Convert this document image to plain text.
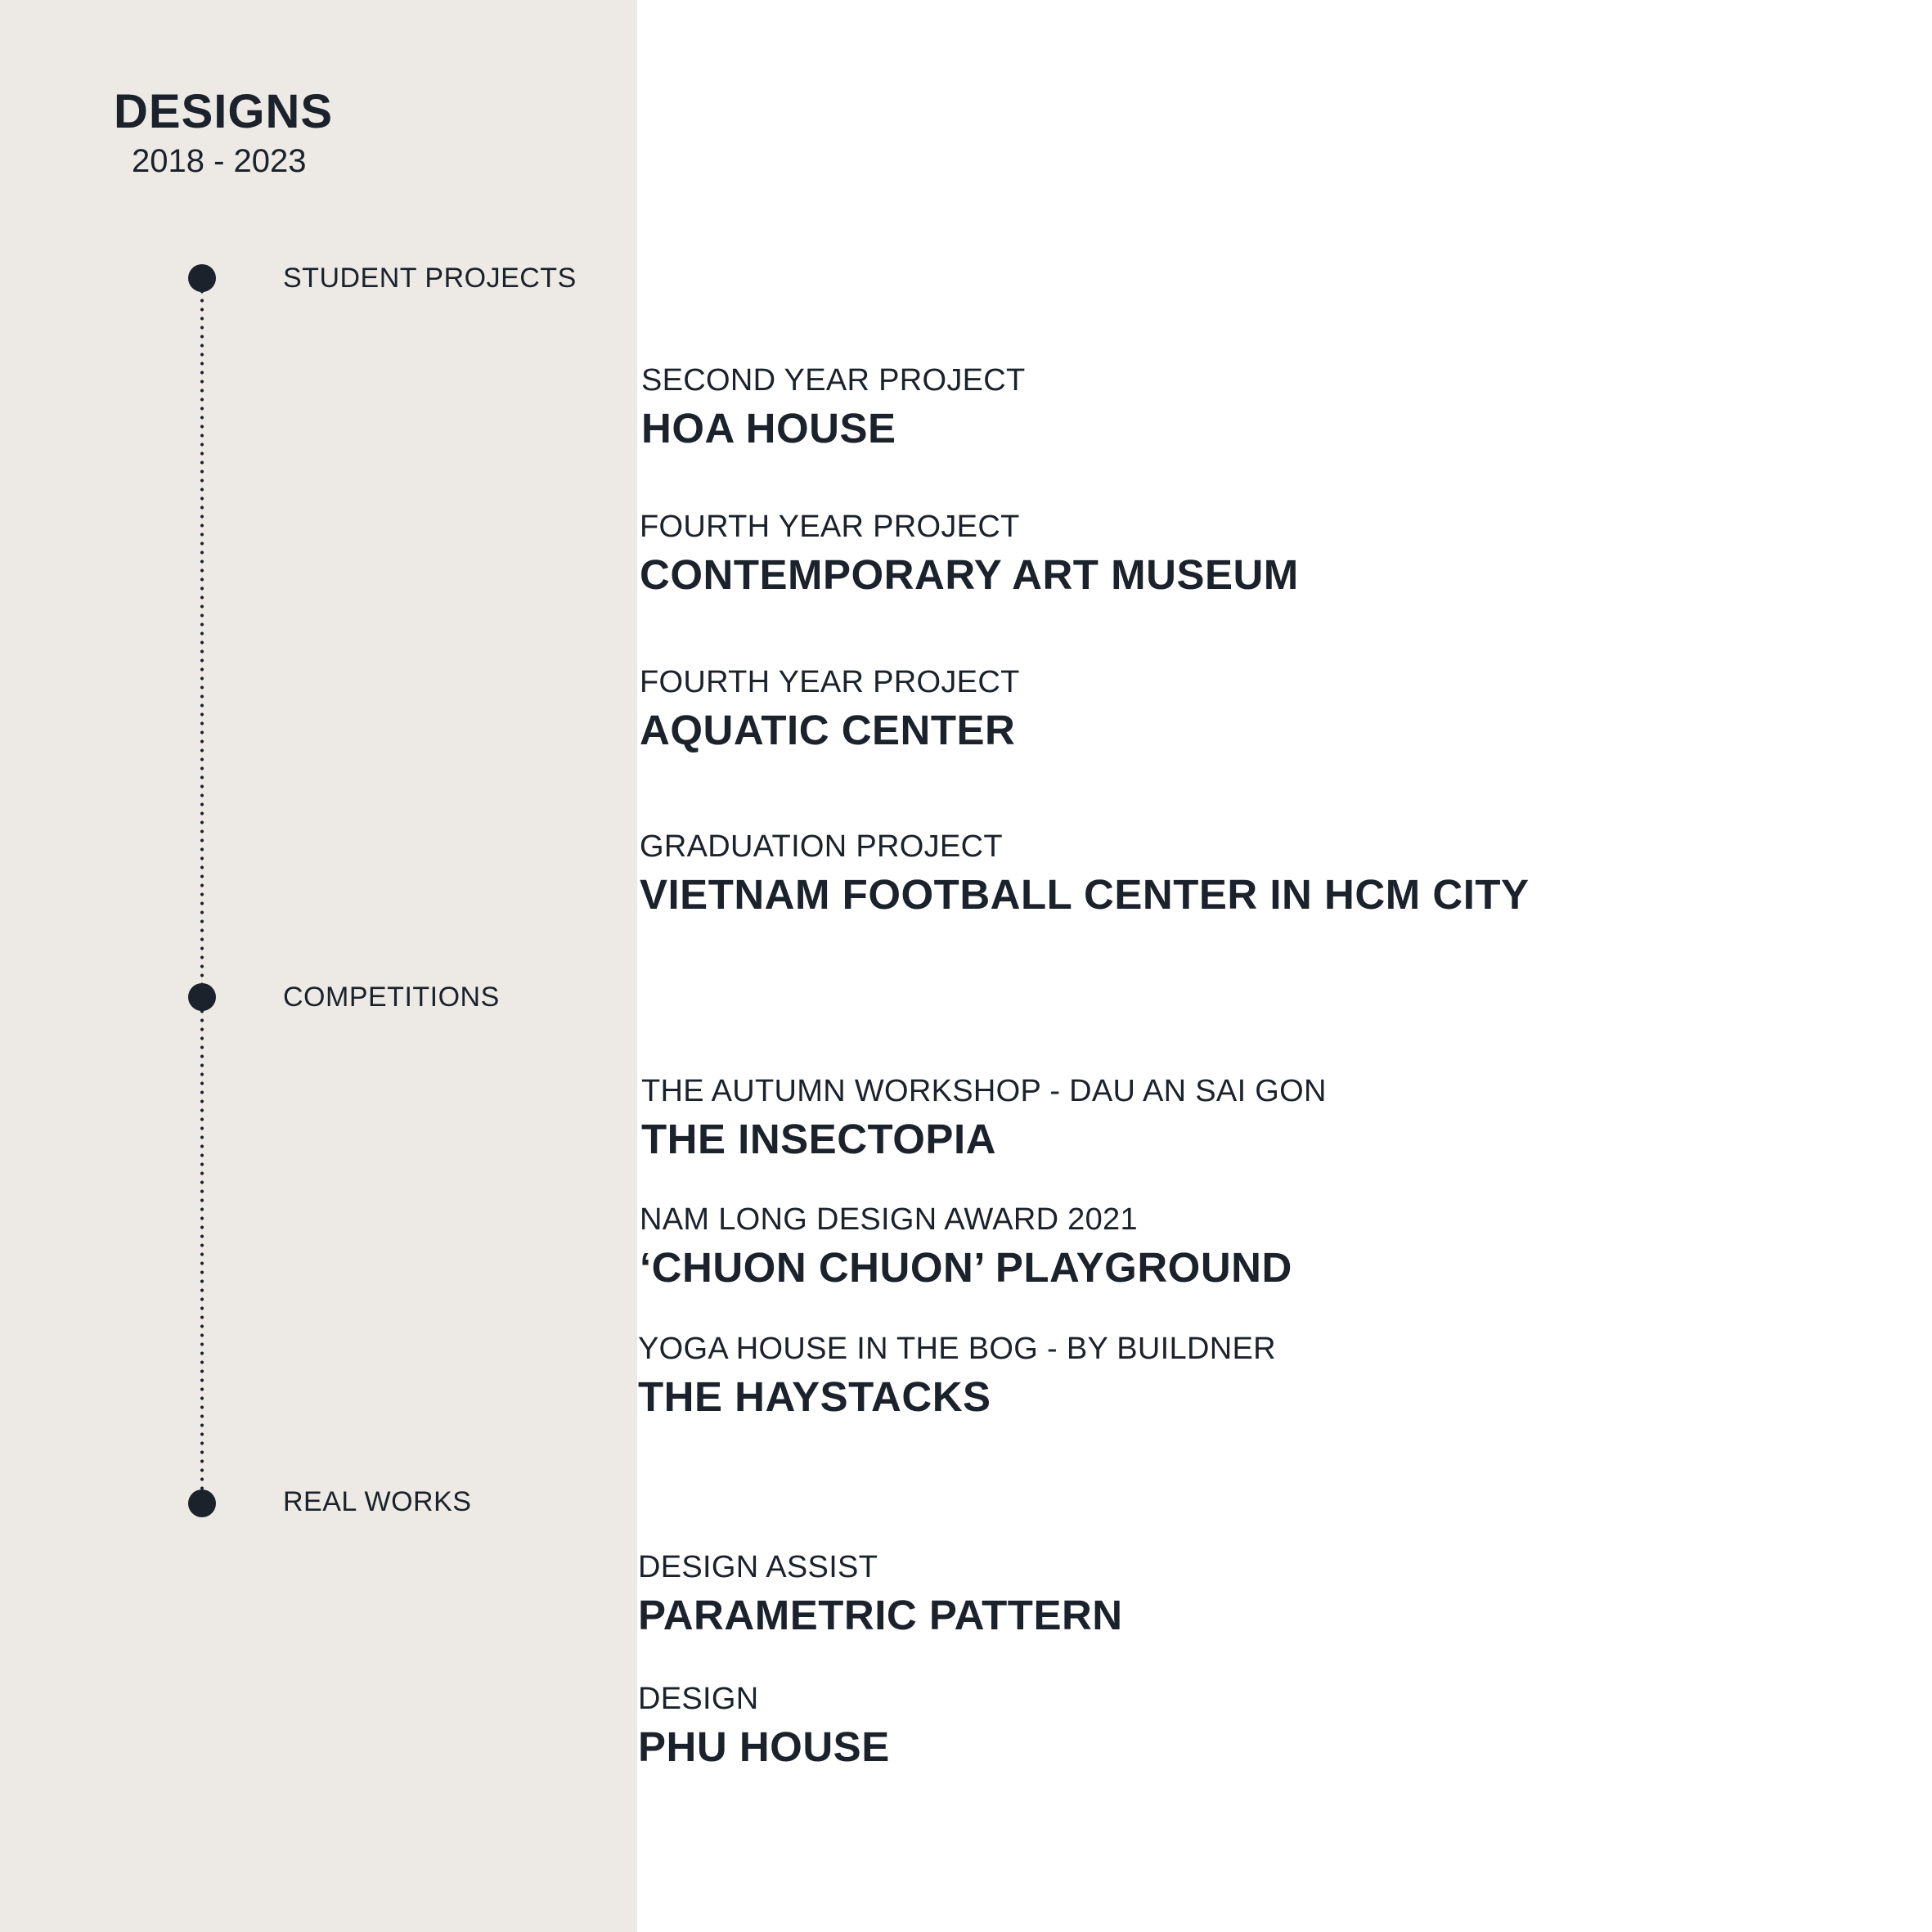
DESIGNS
2018 - 2023
STUDENT PROJECTS
COMPETITIONS
REAL WORKS
SECOND YEAR PROJECT
HOA HOUSE
FOURTH YEAR PROJECT
CONTEMPORARY ART MUSEUM
FOURTH YEAR PROJECT
AQUATIC CENTER
GRADUATION PROJECT
VIETNAM FOOTBALL CENTER IN HCM CITY
THE AUTUMN WORKSHOP - DAU AN SAI GON
THE INSECTOPIA
NAM LONG DESIGN AWARD 2021
‘CHUON CHUON’ PLAYGROUND
YOGA HOUSE IN THE BOG - BY BUILDNER
THE HAYSTACKS
DESIGN ASSIST
PARAMETRIC PATTERN
DESIGN
PHU HOUSE
